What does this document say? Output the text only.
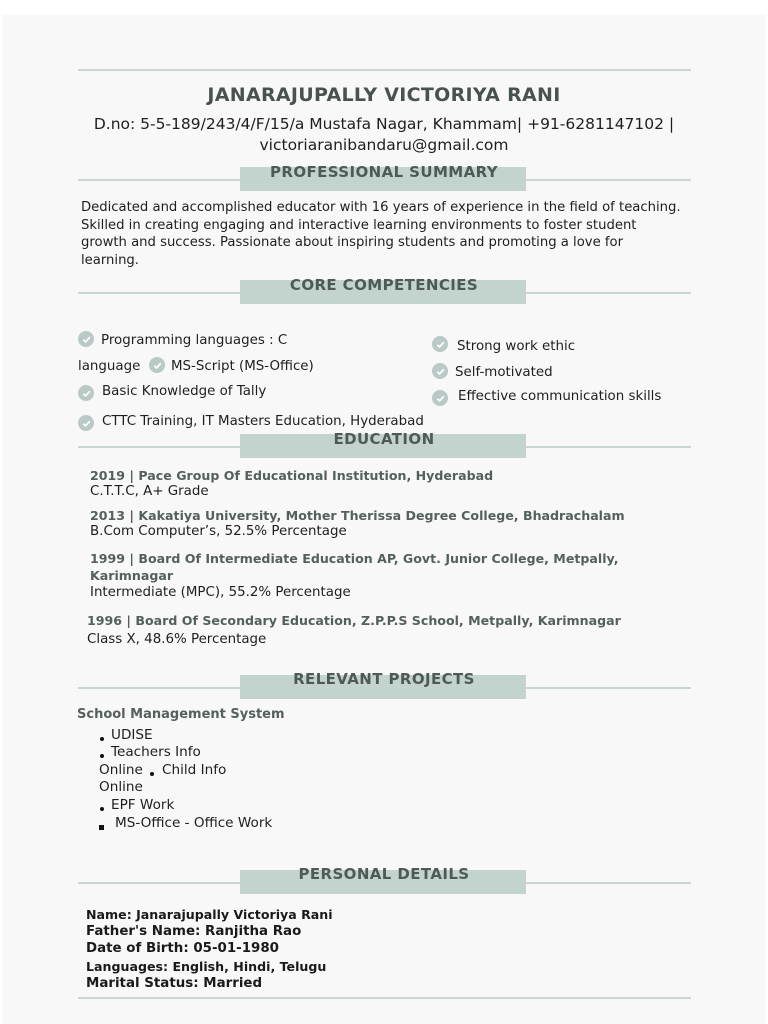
JANARAJUPALLY VICTORIYA RANI
D.no: 5-5-189/243/4/F/15/a Mustafa Nagar, Khammam| +91-6281147102 |
victoriaranibandaru@gmail.com
PROFESSIONAL SUMMARY
Dedicated and accomplished educator with 16 years of experience in the field of teaching. Skilled in creating engaging and interactive learning environments to foster student growth and success. Passionate about inspiring students and promoting a love for learning.
CORE COMPETENCIES
Programming languages : C
language MS-Script (MS-Office)
Basic Knowledge of Tally
CTTC Training, IT Masters Education, Hyderabad
Strong work ethic
Self-motivated
Effective communication skills
EDUCATION
2019 | Pace Group Of Educational Institution, Hyderabad
C.T.T.C, A+ Grade
2013 | Kakatiya University, Mother Therissa Degree College, Bhadrachalam
B.Com Computer’s, 52.5% Percentage
1999 | Board Of Intermediate Education AP, Govt. Junior College, Metpally,
Karimnagar
Intermediate (MPC), 55.2% Percentage
1996 | Board Of Secondary Education, Z.P.P.S School, Metpally, Karimnagar
Class X, 48.6% Percentage
RELEVANT PROJECTS
School Management System
UDISE
Teachers Info
Online Child Info
Online
EPF Work
MS-Office - Office Work
PERSONAL DETAILS
Name: Janarajupally Victoriya Rani
Father's Name: Ranjitha Rao
Date of Birth: 05-01-1980
Languages: English, Hindi, Telugu
Marital Status: Married
